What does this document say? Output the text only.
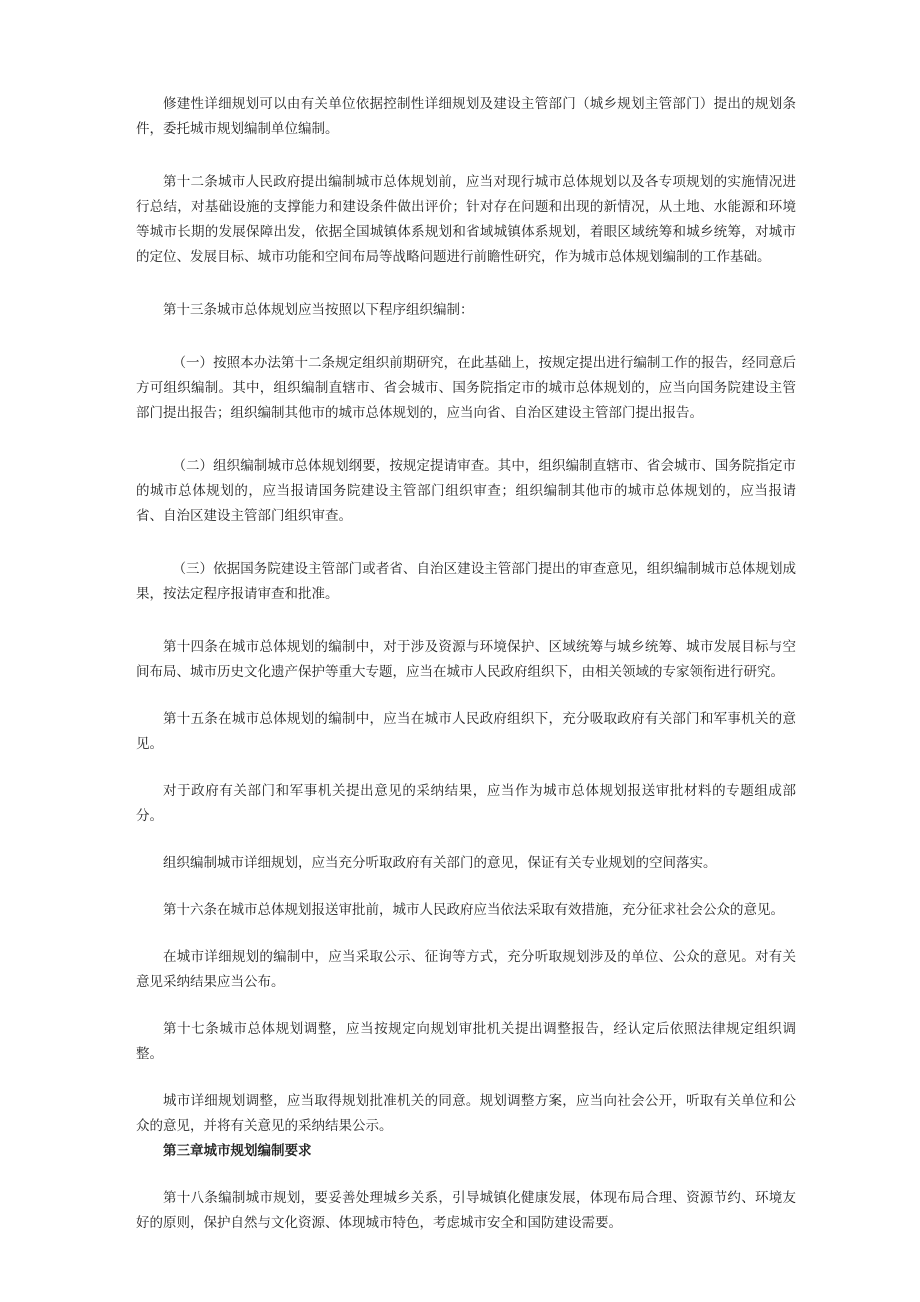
修建性详细规划可以由有关单位依据控制性详细规划及建设主管部门（城乡规划主管部门）提出的规划条件，委托城市规划编制单位编制。

第十二条城市人民政府提出编制城市总体规划前，应当对现行城市总体规划以及各专项规划的实施情况进行总结，对基础设施的支撑能力和建设条件做出评价；针对存在问题和出现的新情况，从土地、水能源和环境等城市长期的发展保障出发，依据全国城镇体系规划和省域城镇体系规划，着眼区域统筹和城乡统筹，对城市的定位、发展目标、城市功能和空间布局等战略问题进行前瞻性研究，作为城市总体规划编制的工作基础。

第十三条城市总体规划应当按照以下程序组织编制：

（一）按照本办法第十二条规定组织前期研究，在此基础上，按规定提出进行编制工作的报告，经同意后方可组织编制。其中，组织编制直辖市、省会城市、国务院指定市的城市总体规划的，应当向国务院建设主管部门提出报告；组织编制其他市的城市总体规划的，应当向省、自治区建设主管部门提出报告。

（二）组织编制城市总体规划纲要，按规定提请审查。其中，组织编制直辖市、省会城市、国务院指定市的城市总体规划的，应当报请国务院建设主管部门组织审查；组织编制其他市的城市总体规划的，应当报请省、自治区建设主管部门组织审查。

（三）依据国务院建设主管部门或者省、自治区建设主管部门提出的审查意见，组织编制城市总体规划成果，按法定程序报请审查和批准。

第十四条在城市总体规划的编制中，对于涉及资源与环境保护、区域统筹与城乡统筹、城市发展目标与空间布局、城市历史文化遗产保护等重大专题，应当在城市人民政府组织下，由相关领域的专家领衔进行研究。

第十五条在城市总体规划的编制中，应当在城市人民政府组织下，充分吸取政府有关部门和军事机关的意见。

对于政府有关部门和军事机关提出意见的采纳结果，应当作为城市总体规划报送审批材料的专题组成部分。

组织编制城市详细规划，应当充分听取政府有关部门的意见，保证有关专业规划的空间落实。

第十六条在城市总体规划报送审批前，城市人民政府应当依法采取有效措施，充分征求社会公众的意见。

在城市详细规划的编制中，应当采取公示、征询等方式，充分听取规划涉及的单位、公众的意见。对有关意见采纳结果应当公布。

第十七条城市总体规划调整，应当按规定向规划审批机关提出调整报告，经认定后依照法律规定组织调整。

城市详细规划调整，应当取得规划批准机关的同意。规划调整方案，应当向社会公开，听取有关单位和公众的意见，并将有关意见的采纳结果公示。

第三章城市规划编制要求

第十八条编制城市规划，要妥善处理城乡关系，引导城镇化健康发展，体现布局合理、资源节约、环境友好的原则，保护自然与文化资源、体现城市特色，考虑城市安全和国防建设需要。
